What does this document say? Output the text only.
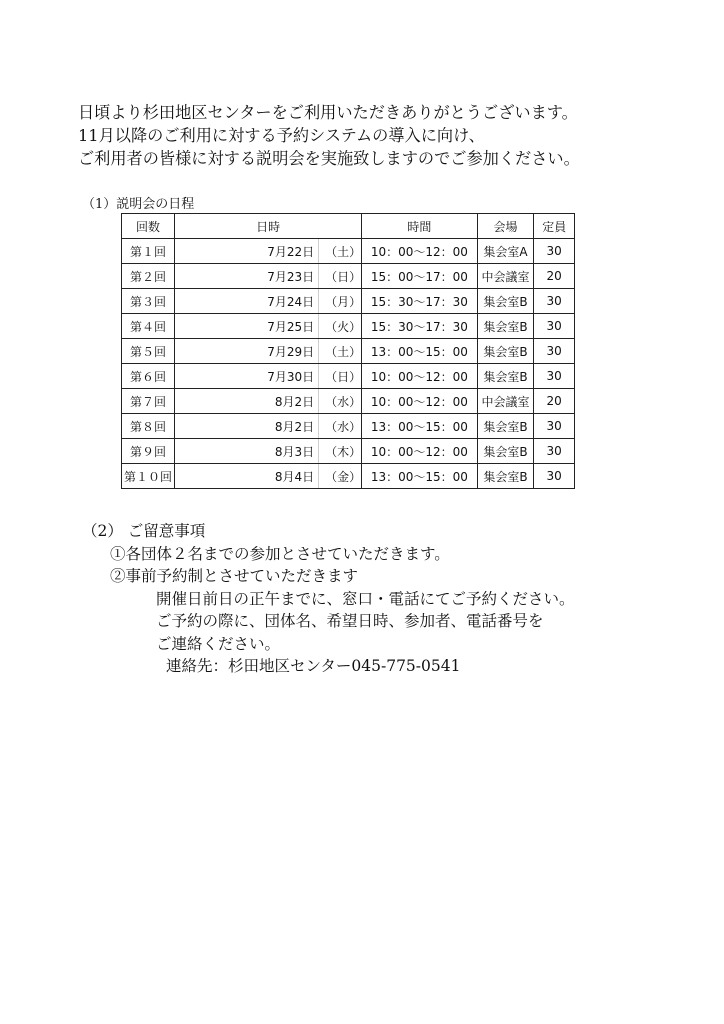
日頃より杉田地区センターをご利用いただきありがとうございます。
11月以降のご利用に対する予約システムの導入に向け、
ご利用者の皆様に対する説明会を実施致しますのでご参加ください。
（1）説明会の日程
回数	日時	時間	会場	定員
第１回	7月22日 （土）	10：00～12：00	集会室A	30
第２回	7月23日 （日）	15：00～17：00	中会議室	20
第３回	7月24日 （月）	15：30～17：30	集会室B	30
第４回	7月25日 （火）	15：30～17：30	集会室B	30
第５回	7月29日 （土）	13：00～15：00	集会室B	30
第６回	7月30日 （日）	10：00～12：00	集会室B	30
第７回	8月2日 （水）	10：00～12：00	中会議室	20
第８回	8月2日 （水）	13：00～15：00	集会室B	30
第９回	8月3日 （木）	10：00～12：00	集会室B	30
第１０回	8月4日 （金）	13：00～15：00	集会室B	30
（2） ご留意事項
①各団体２名までの参加とさせていただきます。
②事前予約制とさせていただきます
開催日前日の正午までに、窓口・電話にてご予約ください。
ご予約の際に、団体名、希望日時、参加者、電話番号を
ご連絡ください。
連絡先：杉田地区センター045-775-0541
